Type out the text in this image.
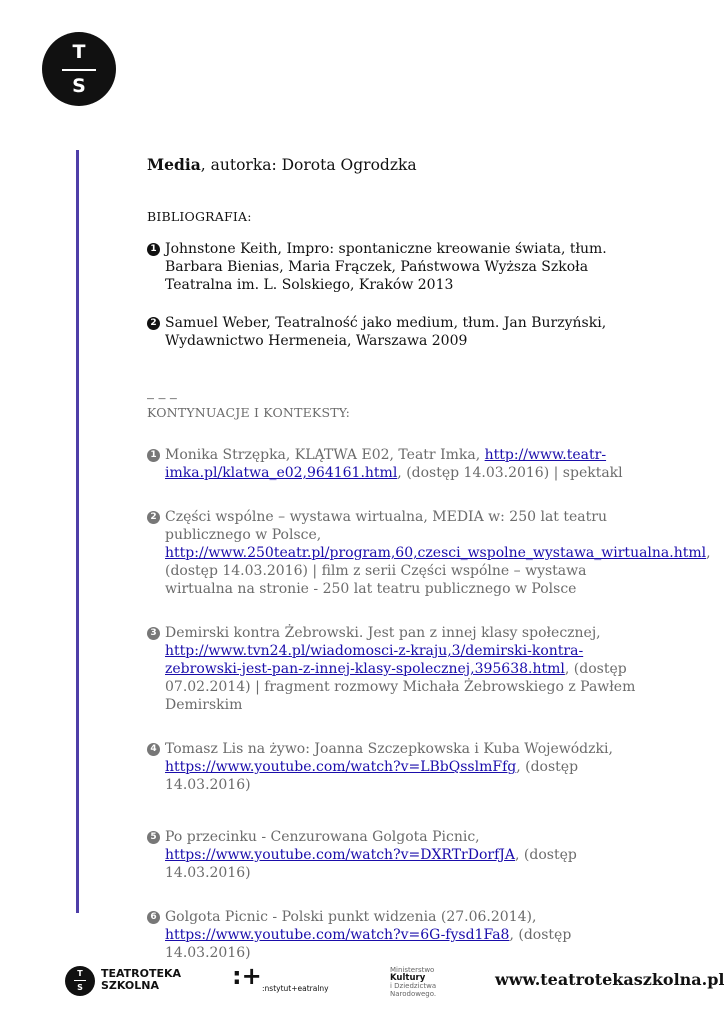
T
S
Media, autorka: Dorota Ogrodzka
BIBLIOGRAFIA:
1 Johnstone Keith, Impro: spontaniczne kreowanie świata, tłum. Barbara Bienias, Maria Frączek, Państwowa Wyższa Szkoła Teatralna im. L. Solskiego, Kraków 2013
2 Samuel Weber, Teatralność jako medium, tłum. Jan Burzyński, Wydawnictwo Hermeneia, Warszawa 2009
_ _ _
KONTYNUACJE I KONTEKSTY:
1 Monika Strzępka, KLĄTWA E02, Teatr Imka, http://www.teatr-imka.pl/klatwa_e02,964161.html, (dostęp 14.03.2016) | spektakl
2 Części wspólne – wystawa wirtualna, MEDIA w: 250 lat teatru publicznego w Polsce, http://www.250teatr.pl/program,60,czesci_wspolne_wystawa_wirtualna.html, (dostęp 14.03.2016) | film z serii Części wspólne – wystawa wirtualna na stronie - 250 lat teatru publicznego w Polsce
3 Demirski kontra Żebrowski. Jest pan z innej klasy społecznej, http://www.tvn24.pl/wiadomosci-z-kraju,3/demirski-kontra-zebrowski-jest-pan-z-innej-klasy-spolecznej,395638.html, (dostęp 07.02.2014) | fragment rozmowy Michała Żebrowskiego z Pawłem Demirskim
4 Tomasz Lis na żywo: Joanna Szczepkowska i Kuba Wojewódzki, https://www.youtube.com/watch?v=LBbQsslmFfg, (dostęp 14.03.2016)
5 Po przecinku - Cenzurowana Golgota Picnic, https://www.youtube.com/watch?v=DXRTrDorfJA, (dostęp 14.03.2016)
6 Golgota Picnic - Polski punkt widzenia (27.06.2014), https://www.youtube.com/watch?v=6G-fysd1Fa8, (dostęp 14.03.2016)
T
S
TEATROTEKA
SZKOLNA	:+ :nstytut+eatralny
Ministerstwo
Kultury
i Dziedzictwa
Narodowego.
www.teatrotekaszkolna.pl
